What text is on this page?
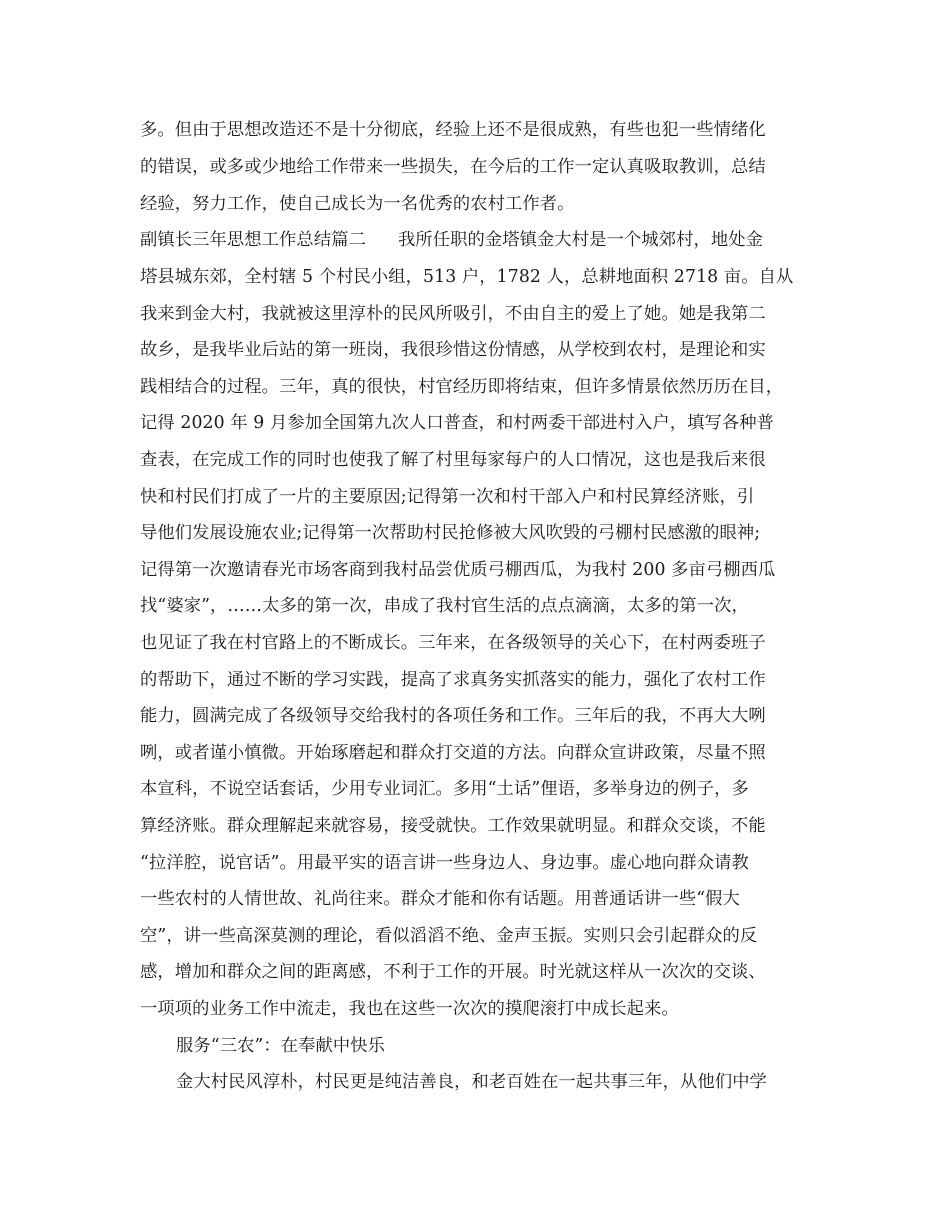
多。但由于思想改造还不是十分彻底，经验上还不是很成熟，有些也犯一些情绪化
的错误，或多或少地给工作带来一些损失，在今后的工作一定认真吸取教训，总结
经验，努力工作，使自己成长为一名优秀的农村工作者。
副镇长三年思想工作总结篇二 我所任职的金塔镇金大村是一个城郊村，地处金
塔县城东郊，全村辖 5 个村民小组，513 户，1782 人，总耕地面积 2718 亩。自从
我来到金大村，我就被这里淳朴的民风所吸引，不由自主的爱上了她。她是我第二
故乡，是我毕业后站的第一班岗，我很珍惜这份情感，从学校到农村，是理论和实
践相结合的过程。三年，真的很快，村官经历即将结束，但许多情景依然历历在目，
记得 2020 年 9 月参加全国第九次人口普查，和村两委干部进村入户，填写各种普
查表，在完成工作的同时也使我了解了村里每家每户的人口情况，这也是我后来很
快和村民们打成了一片的主要原因;记得第一次和村干部入户和村民算经济账，引
导他们发展设施农业;记得第一次帮助村民抢修被大风吹毁的弓棚村民感激的眼神;
记得第一次邀请春光市场客商到我村品尝优质弓棚西瓜，为我村 200 多亩弓棚西瓜
找“婆家”，……太多的第一次，串成了我村官生活的点点滴滴，太多的第一次，
也见证了我在村官路上的不断成长。三年来，在各级领导的关心下，在村两委班子
的帮助下，通过不断的学习实践，提高了求真务实抓落实的能力，强化了农村工作
能力，圆满完成了各级领导交给我村的各项任务和工作。三年后的我，不再大大咧
咧，或者谨小慎微。开始琢磨起和群众打交道的方法。向群众宣讲政策，尽量不照
本宣科，不说空话套话，少用专业词汇。多用“土话”俚语，多举身边的例子，多
算经济账。群众理解起来就容易，接受就快。工作效果就明显。和群众交谈，不能
“拉洋腔，说官话”。用最平实的语言讲一些身边人、身边事。虚心地向群众请教
一些农村的人情世故、礼尚往来。群众才能和你有话题。用普通话讲一些“假大
空”，讲一些高深莫测的理论，看似滔滔不绝、金声玉振。实则只会引起群众的反
感，增加和群众之间的距离感，不利于工作的开展。时光就这样从一次次的交谈、
一项项的业务工作中流走，我也在这些一次次的摸爬滚打中成长起来。
服务“三农”：在奉献中快乐
金大村民风淳朴，村民更是纯洁善良，和老百姓在一起共事三年，从他们中学
